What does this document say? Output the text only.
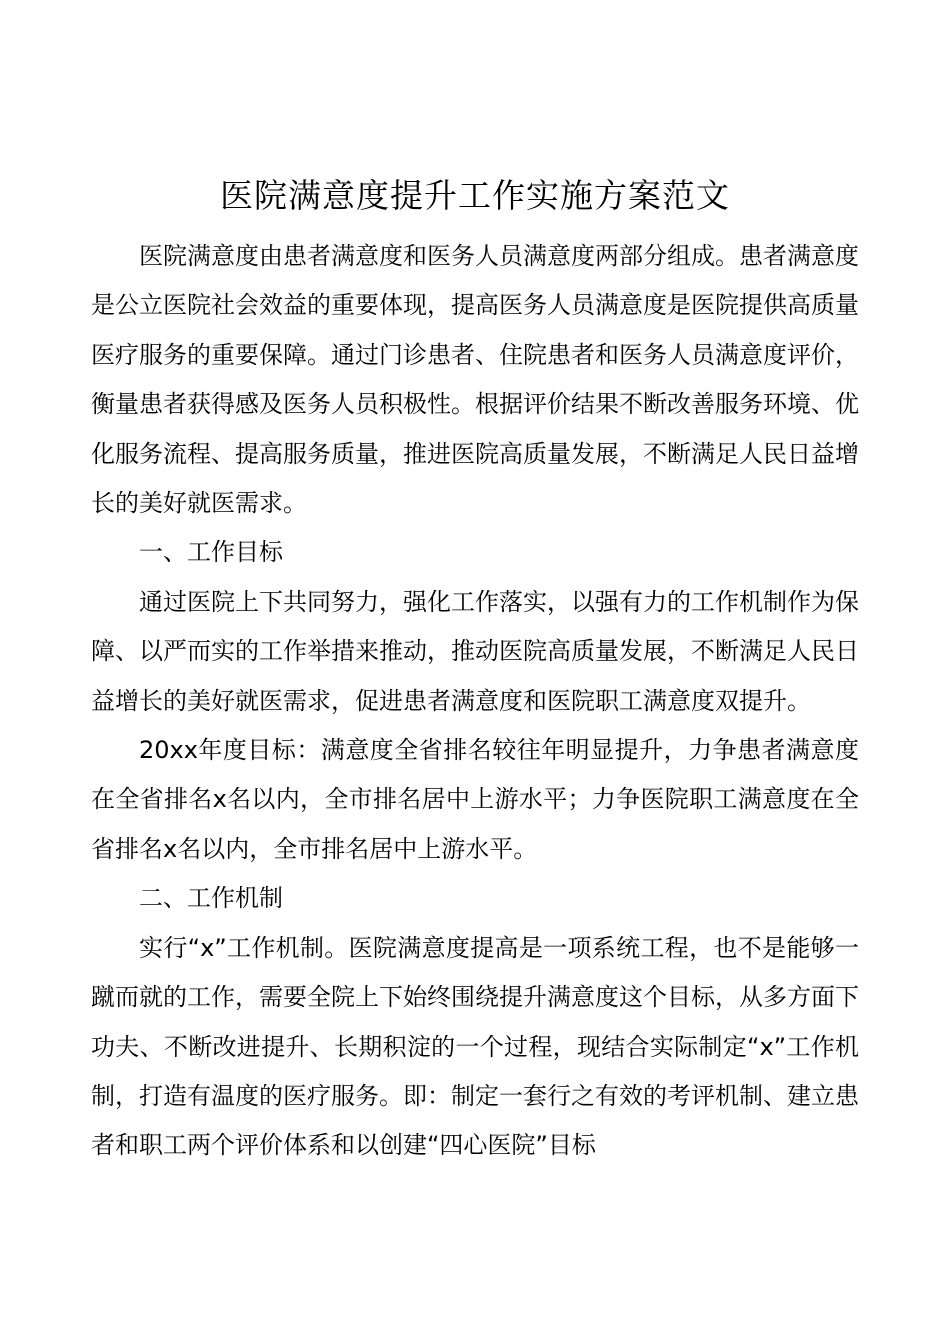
医院满意度提升工作实施方案范文

医院满意度由患者满意度和医务人员满意度两部分组成。患者满意度是公立医院社会效益的重要体现，提高医务人员满意度是医院提供高质量医疗服务的重要保障。通过门诊患者、住院患者和医务人员满意度评价，衡量患者获得感及医务人员积极性。根据评价结果不断改善服务环境、优化服务流程、提高服务质量，推进医院高质量发展，不断满足人民日益增长的美好就医需求。

一、工作目标

通过医院上下共同努力，强化工作落实，以强有力的工作机制作为保障、以严而实的工作举措来推动，推动医院高质量发展，不断满足人民日益增长的美好就医需求，促进患者满意度和医院职工满意度双提升。

20xx年度目标：满意度全省排名较往年明显提升，力争患者满意度在全省排名x名以内，全市排名居中上游水平；力争医院职工满意度在全省排名x名以内，全市排名居中上游水平。

二、工作机制

实行“x”工作机制。医院满意度提高是一项系统工程，也不是能够一蹴而就的工作，需要全院上下始终围绕提升满意度这个目标，从多方面下功夫、不断改进提升、长期积淀的一个过程，现结合实际制定“x”工作机制，打造有温度的医疗服务。即：制定一套行之有效的考评机制、建立患者和职工两个评价体系和以创建“四心医院”目标
